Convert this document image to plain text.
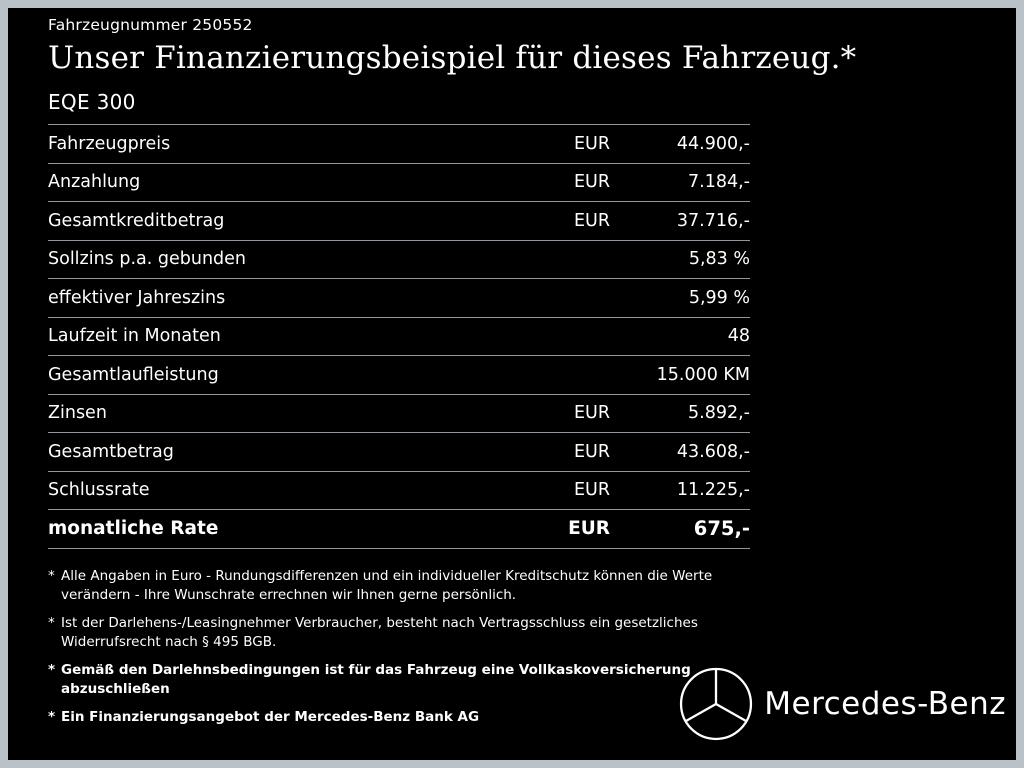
Fahrzeugnummer 250552
Unser Finanzierungsbeispiel für dieses Fahrzeug.*
EQE 300
Fahrzeugpreis	EUR	44.900,-
Anzahlung	EUR	7.184,-
Gesamtkreditbetrag	EUR	37.716,-
Sollzins p.a. gebunden		5,83 %
effektiver Jahreszins		5,99 %
Laufzeit in Monaten		48
Gesamtlaufleistung		15.000 KM
Zinsen	EUR	5.892,-
Gesamtbetrag	EUR	43.608,-
Schlussrate	EUR	11.225,-
monatliche Rate	EUR	675,-
* Alle Angaben in Euro - Rundungsdifferenzen und ein individueller Kreditschutz können die Werte verändern - Ihre Wunschrate errechnen wir Ihnen gerne persönlich.
* Ist der Darlehens-/Leasingnehmer Verbraucher, besteht nach Vertragsschluss ein gesetzliches Widerrufsrecht nach § 495 BGB.
* Gemäß den Darlehnsbedingungen ist für das Fahrzeug eine Vollkaskoversicherung abzuschließen
* Ein Finanzierungsangebot der Mercedes-Benz Bank AG	Mercedes-Benz
